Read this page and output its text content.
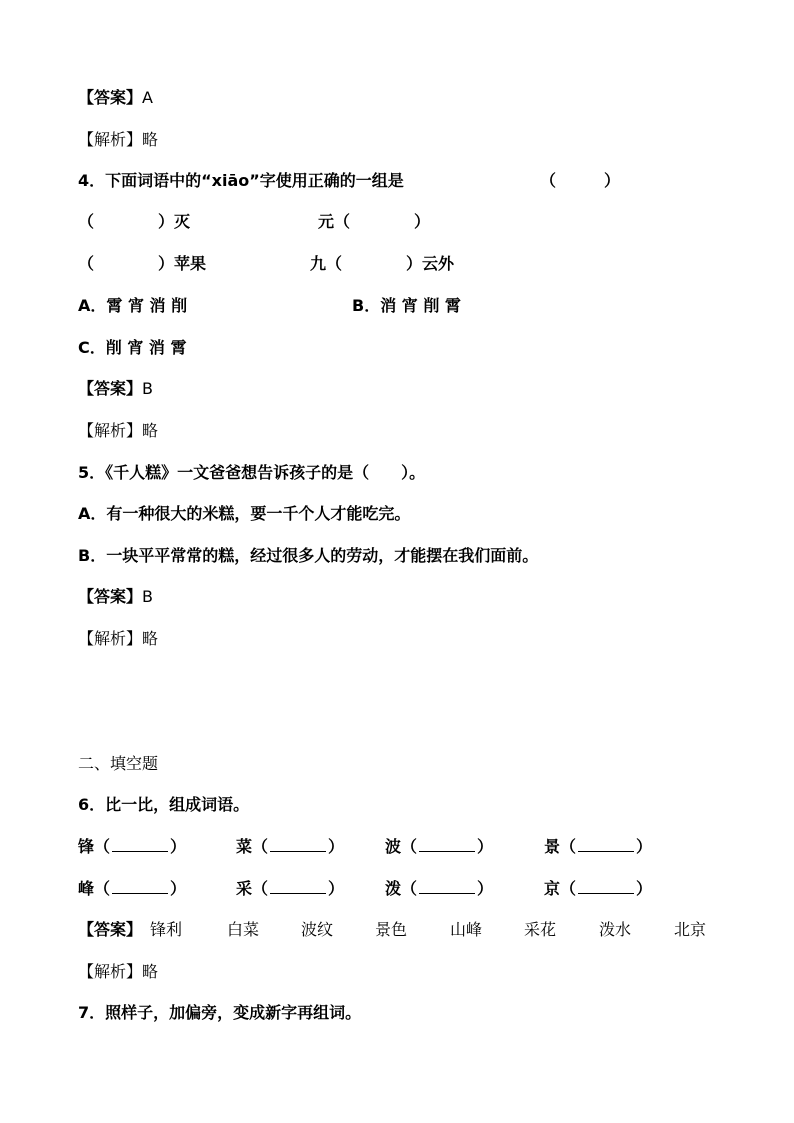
【答案】A
【解析】略
4．下面词语中的“xiāo”字使用正确的一组是	（　　　）
（　　　　）灭	元（　　　　）
（　　　　）苹果	九（　　　　）云外
A．霄 宵 消 削	B．消 宵 削 霄
C．削 宵 消 霄
【答案】B
【解析】略
5．《千人糕》一文爸爸想告诉孩子的是（　　）。
A．有一种很大的米糕，要一千个人才能吃完。
B．一块平平常常的糕，经过很多人的劳动，才能摆在我们面前。
【答案】B
【解析】略
二、填空题
6．比一比，组成词语。
锋（	）	菜（	）	波（	）	景（	）
峰（	）	采（	）	泼（	）	京（	）
【答案】 锋利	白菜	波纹	景色	山峰	采花	泼水	北京
【解析】略
7．照样子，加偏旁，变成新字再组词。
